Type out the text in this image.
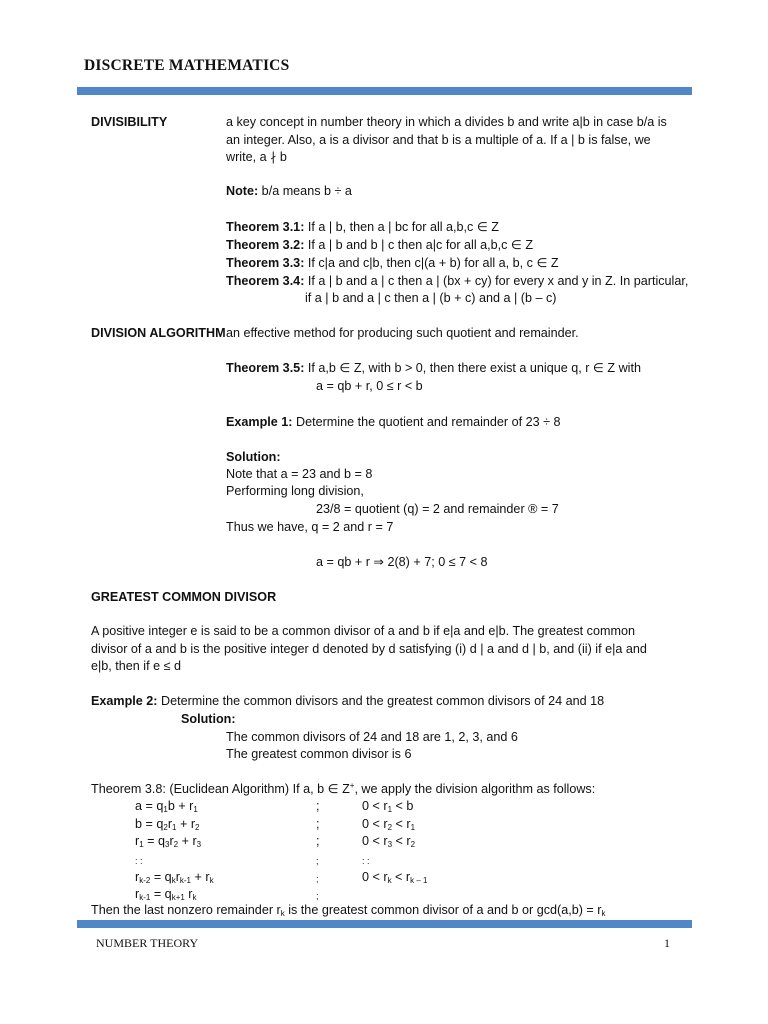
DISCRETE MATHEMATICS
DIVISIBILITY	a key concept in number theory in which a divides b and write a|b in case b/a is
an integer. Also, a is a divisor and that b is a multiple of a. If a | b is false, we
write, a ∤ b
Note: b/a means b ÷ a
Theorem 3.1: If a | b, then a | bc for all a,b,c ∈ Z
Theorem 3.2: If a | b and b | c then a|c for all a,b,c ∈ Z
Theorem 3.3: If c|a and c|b, then c|(a + b) for all a, b, c ∈ Z
Theorem 3.4: If a | b and a | c then a | (bx + cy) for every x and y in Z. In particular,
if a | b and a | c then a | (b + c) and a | (b – c)
DIVISION ALGORITHM an effective method for producing such quotient and remainder.
Theorem 3.5: If a,b ∈ Z, with b > 0, then there exist a unique q, r ∈ Z with
a = qb + r, 0 ≤ r < b
Example 1: Determine the quotient and remainder of 23 ÷ 8
Solution:
Note that a = 23 and b = 8
Performing long division,
23/8 = quotient (q) = 2 and remainder ® = 7
Thus we have, q = 2 and r = 7
a = qb + r ⇒ 2(8) + 7; 0 ≤ 7 < 8
GREATEST COMMON DIVISOR
A positive integer e is said to be a common divisor of a and b if e|a and e|b. The greatest common
divisor of a and b is the positive integer d denoted by d satisfying (i) d | a and d | b, and (ii) if e|a and
e|b, then if e ≤ d
Example 2: Determine the common divisors and the greatest common divisors of 24 and 18
Solution:
The common divisors of 24 and 18 are 1, 2, 3, and 6
The greatest common divisor is 6
Theorem 3.8: (Euclidean Algorithm) If a, b ∈ Z+, we apply the division algorithm as follows:
$a = q_1b + r_1$	;	$0 < r_1 < b$
$b = q_2r_1 + r_2$	;	$0 < r_2 < r_1$
$r_1 = q_3r_2 + r_3$	;	$0 < r_3 < r_2$
: :	;	: :
$r_{k-2} = q_kr_{k-1} + r_k$	;	$0 < r_k < r_{k - 1}$
$r_{k-1} = q_{k+1}$ $r_k$	;
Then the last nonzero remainder $r_k$ is the greatest common divisor of a and b or $\gcd(a,b) = r_k$
NUMBER THEORY	1
